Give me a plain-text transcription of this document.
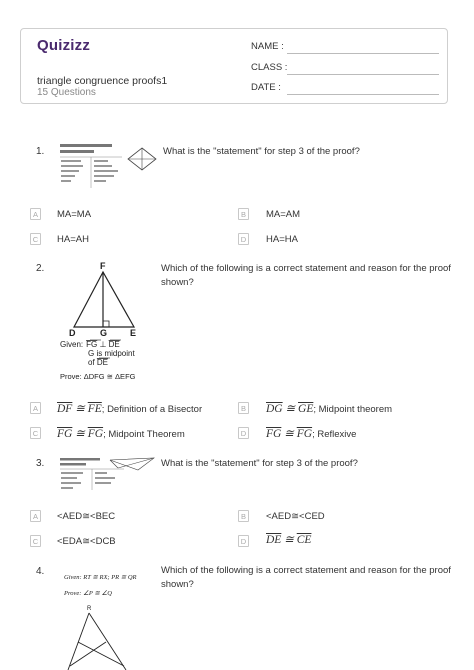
Quizizz
triangle congruence proofs1
15 Questions
NAME :
CLASS :
DATE :
1.	What is the "statement" for step 3 of the proof?
A	MA=MA	B	MA=AM
C HA=AH	D HA=HA
2.	F
D	G	E
Given: FG ⊥ DE
G is midpoint
of DE
Prove: ΔDFG ≅ ΔEFG
Which of the following is a correct statement and reason for the proof shown?
A $\overline{DF}$ ≅ $\overline{FE}$; Definition of a Bisector	B $\overline{DG}$ ≅ $\overline{GE}$; Midpoint theorem
C $\overline{FG}$ ≅ $\overline{FG}$; Midpoint Theorem	D $\overline{FG}$ ≅ $\overline{FG}$; Reflexive
3.	What is the "statement" for step 3 of the proof?
A	<AED≅<BEC	B	<AED≅<CED
C <EDA≅<DCB	D $\overline{DE}$ ≅ $\overline{CE}$
4.
Given: RT ≅ RX; PR ≅ QR
Prove: ∠P ≅ ∠Q
R
Which of the following is a correct statement and reason for the proof shown?
